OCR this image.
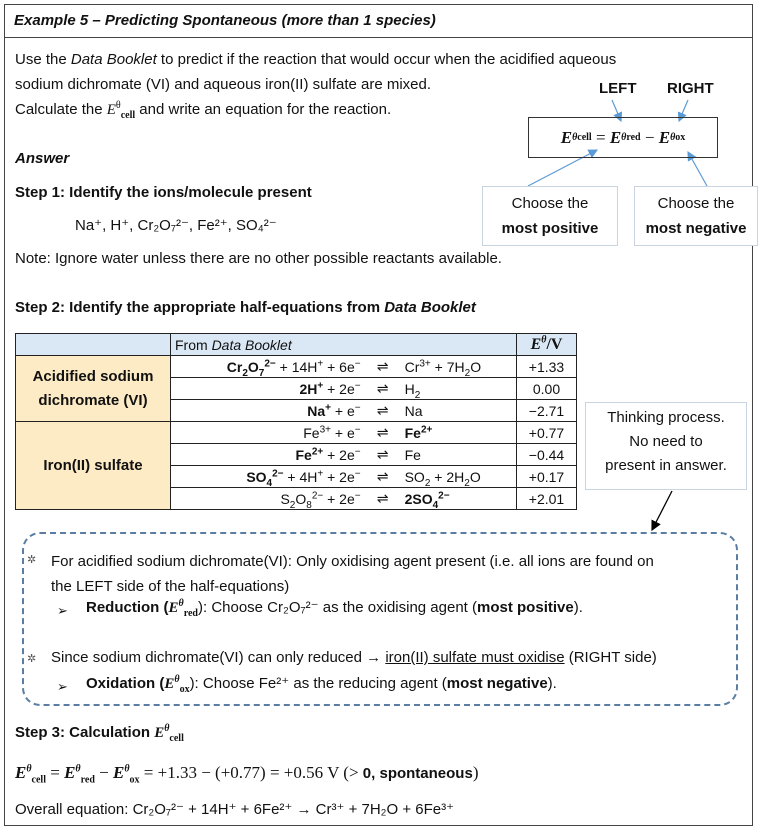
Example 5 – Predicting Spontaneous (more than 1 species)
Use the Data Booklet to predict if the reaction that would occur when the acidified aqueous
sodium dichromate (VI) and aqueous iron(II) sulfate are mixed.
Calculate the $E^\theta_{cell}$ and write an equation for the reaction.
LEFT RIGHT
E θ cell
=
E θ red
−
E θ ox
Choose the
most positive
Choose the
most negative
Thinking process.
No need to
present in answer.
Answer
Step 1: Identify the ions/molecule present
Na⁺, H⁺, Cr₂O₇²⁻, Fe²⁺, SO₄²⁻
Note: Ignore water unless there are no other possible reactants available.
Step 2: Identify the appropriate half-equations from Data Booklet
	From Data Booklet			$E^\theta/V$

Acidified sodium
dichromate (VI)	$Cr_2O_7^{2-} + 14H^+ + 6e^-$	⇌	$Cr^{3+} + 7H_2O$	+1.33
	2H+ + 2e−	⇌	$H_2$	0.00
	Na+ + e−	⇌	Na	−2.71
Iron(II) sulfate	$Fe^{3+} + e^-$	⇌	$Fe^{2+}$	+0.77
	$Fe^{2+} + 2e^-$	⇌	Fe	−0.44
	$SO_4^{2-} + 4H^+ + 2e^-$	⇌	$SO_2 + 2H_2O$	+0.17
	$S_2O_8^{2-} + 2e^-$	⇌	$2SO_4^{2-}$	+2.01
✲ For acidified sodium dichromate(VI): Only oxidising agent present (i.e. all ions are found on
the LEFT side of the half-equations)
➢ Reduction $(E^\theta_{red})$: Choose Cr₂O₇²⁻ as the oxidising agent (most positive).
✲ Since sodium dichromate(VI) can only reduced → iron(II) sulfate must oxidise (RIGHT side)
➢ Oxidation $(E^\theta_{ox})$: Choose Fe²⁺ as the reducing agent (most negative).
Step 3: Calculation $E^\theta_{cell}$
$E^\theta_{cell} = E^\theta_{red} - E^\theta_{ox} = +1.33 - (+0.77) = +0.56$ V (> 0, spontaneous)
Overall equation: Cr₂O₇²⁻ + 14H⁺ + 6Fe²⁺ → Cr³⁺ + 7H₂O + 6Fe³⁺
